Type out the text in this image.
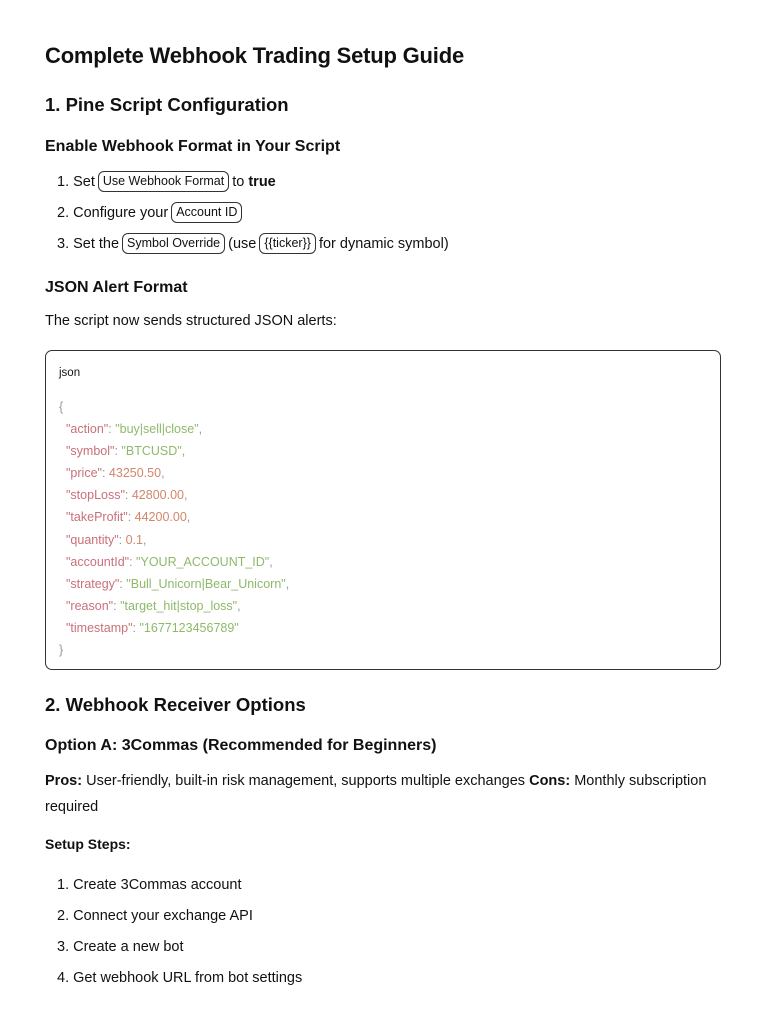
Complete Webhook Trading Setup Guide
1. Pine Script Configuration
Enable Webhook Format in Your Script
1. Set Use Webhook Format to
true
2. Configure your Account ID
3. Set the Symbol Override (use {{ticker}} for dynamic symbol)
JSON Alert Format

The script now sends structured JSON alerts:

json
{
"action": "buy|sell|close",
"symbol": "BTCUSD",
"price": 43250.50,
"stopLoss": 42800.00,
"takeProfit": 44200.00,
"quantity": 0.1,
"accountId": "YOUR_ACCOUNT_ID",
"strategy": "Bull_Unicorn|Bear_Unicorn",
"reason": "target_hit|stop_loss",
"timestamp": "1677123456789"
}
2. Webhook Receiver Options
Option A: 3Commas (Recommended for Beginners)

Pros: User-friendly, built-in risk management, supports multiple exchanges Cons: Monthly subscription required

Setup Steps:

1. Create 3Commas account
2. Connect your exchange API
3. Create a new bot
4. Get webhook URL from bot settings
